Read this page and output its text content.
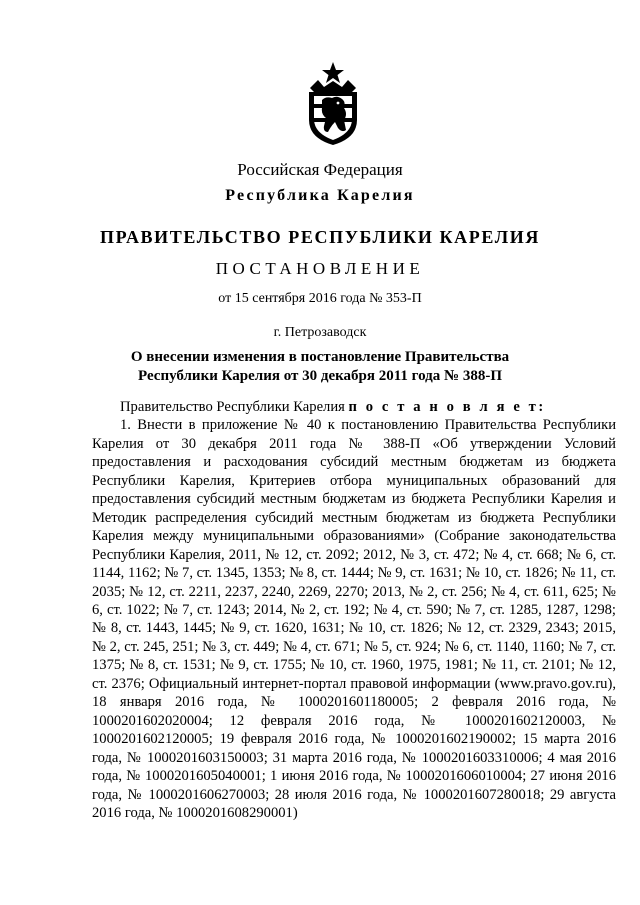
Российская Федерация
Республика Карелия
ПРАВИТЕЛЬСТВО РЕСПУБЛИКИ КАРЕЛИЯ
ПОСТАНОВЛЕНИЕ
от 15 сентября 2016 года № 353-П
г. Петрозаводск
О внесении изменения в постановление Правительства
Республики Карелия от 30 декабря 2011 года № 388-П

Правительство Республики Карелия п о с т а н о в л я е т:

1. Внести в приложение № 40 к постановлению Правительства Республики Карелия от 30 декабря 2011 года № 388-П «Об утверждении Условий предоставления и расходования субсидий местным бюджетам из бюджета Республики Карелия, Критериев отбора муниципальных образований для предоставления субсидий местным бюджетам из бюджета Республики Карелия и Методик распределения субсидий местным бюджетам из бюджета Республики Карелия между муниципальными образованиями» (Собрание законодательства Республики Карелия, 2011, № 12, ст. 2092; 2012, № 3, ст. 472; № 4, ст. 668; № 6, ст. 1144, 1162; № 7, ст. 1345, 1353; № 8, ст. 1444; № 9, ст. 1631; № 10, ст. 1826; № 11, ст. 2035; № 12, ст. 2211, 2237, 2240, 2269, 2270; 2013, № 2, ст. 256; № 4, ст. 611, 625; № 6, ст. 1022; № 7, ст. 1243; 2014, № 2, ст. 192; № 4, ст. 590; № 7, ст. 1285, 1287, 1298; № 8, ст. 1443, 1445; № 9, ст. 1620, 1631; № 10, ст. 1826; № 12, ст. 2329, 2343; 2015, № 2, ст. 245, 251; № 3, ст. 449; № 4, ст. 671; № 5, ст. 924; № 6, ст. 1140, 1160; № 7, ст. 1375; № 8, ст. 1531; № 9, ст. 1755; № 10, ст. 1960, 1975, 1981; № 11, ст. 2101; № 12, ст. 2376; Официальный интернет-портал правовой информации (www.pravo.gov.ru), 18 января 2016 года, № 1000201601180005; 2 февраля 2016 года, № 1000201602020004; 12 февраля 2016 года, № 1000201602120003, № 1000201602120005; 19 февраля 2016 года, № 1000201602190002; 15 марта 2016 года, № 1000201603150003; 31 марта 2016 года, № 1000201603310006; 4 мая 2016 года, № 1000201605040001; 1 июня 2016 года, № 1000201606010004; 27 июня 2016 года, № 1000201606270003; 28 июля 2016 года, № 1000201607280018; 29 августа 2016 года, № 1000201608290001)
